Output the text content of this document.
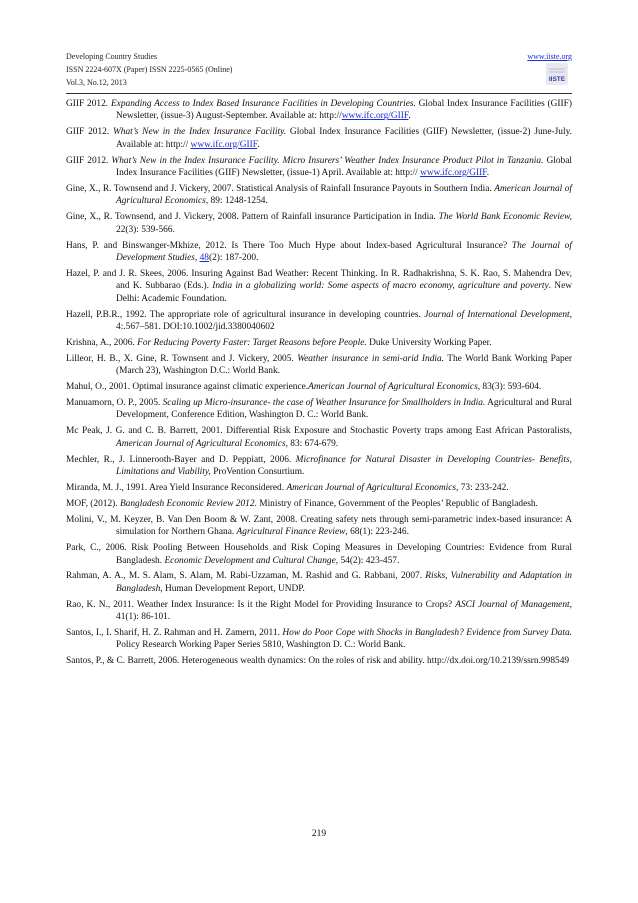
Developing Country Studies
ISSN 2224-607X (Paper) ISSN 2225-0565 (Online)
Vol.3, No.12, 2013
www.iiste.org
IISTE

GIIF 2012. Expanding Access to Index Based Insurance Facilities in Developing Countries. Global Index Insurance Facilities (GIIF) Newsletter, (issue-3) August-September. Available at: http://www.ifc.org/GIIF.

GIIF 2012. What’s New in the Index Insurance Facility. Global Index Insurance Facilities (GIIF) Newsletter, (issue-2) June-July. Available at: http:// www.ifc.org/GIIF.

GIIF 2012. What’s New in the Index Insurance Facility. Micro Insurers’ Weather Index Insurance Product Pilot in Tanzania. Global Index Insurance Facilities (GIIF) Newsletter, (issue-1) April. Available at: http:// www.ifc.org/GIIF.

Gine, X., R. Townsend and J. Vickery, 2007. Statistical Analysis of Rainfall Insurance Payouts in Southern India. American Journal of Agricultural Economics, 89: 1248-1254.

Gine, X., R. Townsend, and J. Vickery, 2008. Pattern of Rainfall insurance Participation in India. The World Bank Economic Review, 22(3): 539-566.

Hans, P. and Binswanger-Mkhize, 2012. Is There Too Much Hype about Index-based Agricultural Insurance? The Journal of Development Studies, 48(2): 187-200.

Hazel, P. and J. R. Skees, 2006. Insuring Against Bad Weather: Recent Thinking. In R. Radhakrishna, S. K. Rao, S. Mahendra Dev, and K. Subbarao (Eds.). India in a globalizing world: Some aspects of macro economy, agriculture and poverty. New Delhi: Academic Foundation.

Hazell, P.B.R., 1992. The appropriate role of agricultural insurance in developing countries. Journal of International Development, 4:.567–581. DOI:10.1002/jid.3380040602

Krishna, A., 2006. For Reducing Poverty Faster: Target Reasons before People. Duke University Working Paper.

Lilleor, H. B., X. Gine, R. Townsent and J. Vickery, 2005. Weather insurance in semi-arid India. The World Bank Working Paper (March 23), Washington D.C.: World Bank.

Mahul, O., 2001. Optimal insurance against climatic experience.American Journal of Agricultural Economics, 83(3): 593-604.

Manuamorn, O. P., 2005. Scaling up Micro-insurance- the case of Weather Insurance for Smallholders in India. Agricultural and Rural Development, Conference Edition, Washington D. C.: World Bank.

Mc Peak, J. G. and C. B. Barrett, 2001. Differential Risk Exposure and Stochastic Poverty traps among East African Pastoralists, American Journal of Agricultural Economics, 83: 674-679.

Mechler, R., J. Linnerooth-Bayer and D. Peppiatt, 2006. Microfinance for Natural Disaster in Developing Countries- Benefits, Limitations and Viability, ProVention Consurtium.

Miranda, M. J., 1991. Area Yield Insurance Reconsidered. American Journal of Agricultural Economics, 73: 233-242.

MOF, (2012). Bangladesh Economic Review 2012. Ministry of Finance, Government of the Peoples’ Republic of Bangladesh.

Molini, V., M. Keyzer, B. Van Den Boom & W. Zant, 2008. Creating safety nets through semi-parametric index-based insurance: A simulation for Northern Ghana. Agricultural Finance Review, 68(1): 223-246.

Park, C., 2006. Risk Pooling Between Households and Risk Coping Measures in Developing Countries: Evidence from Rural Bangladesh. Economic Development and Cultural Change, 54(2): 423-457.

Rahman, A. A., M. S. Alam, S. Alam, M. Rabi-Uzzaman, M. Rashid and G. Rabbani, 2007. Risks, Vulnerability and Adaptation in Bangladesh, Human Development Report, UNDP.

Rao, K. N., 2011. Weather Index Insurance: Is it the Right Model for Providing Insurance to Crops? ASCI Journal of Management, 41(1): 86-101.

Santos, I., I. Sharif, H. Z. Rahman and H. Zamern, 2011. How do Poor Cope with Shocks in Bangladesh? Evidence from Survey Data. Policy Research Working Paper Series 5810, Washington D. C.: World Bank.

Santos, P., & C. Barrett, 2006. Heterogeneous wealth dynamics: On the roles of risk and ability. http://dx.doi.org/10.2139/ssrn.998549

219
